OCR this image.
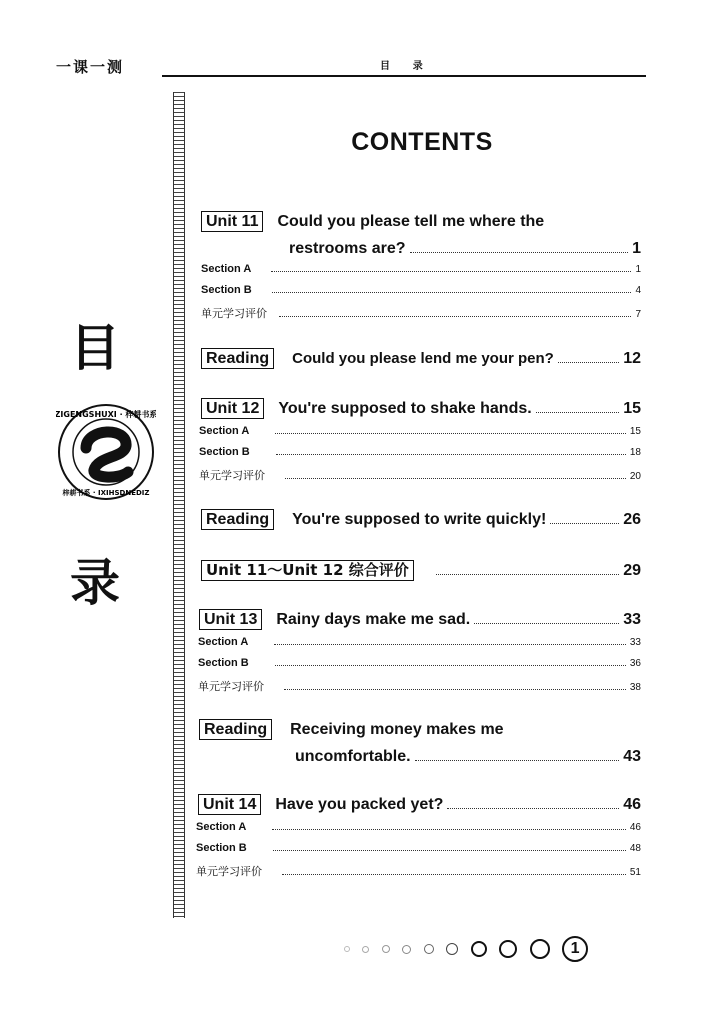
一课一测	目 录
目
ZIGENGSHUXI · 梓耕书系
梓耕书系 · IXIHSDNEDIZ
录
CONTENTS
Unit 11	Could you please tell me where the
restrooms are?	1
Section A	1
Section B	4
单元学习评价	7
Reading	Could you please lend me your pen?	12
Unit 12	You're supposed to shake hands.	15
Section A	15
Section B	18
单元学习评价	20
Reading	You're supposed to write quickly!	26
Unit 11～Unit 12 综合评价	29
Unit 13	Rainy days make me sad.	33
Section A	33
Section B	36
单元学习评价	38
Reading	Receiving money makes me
uncomfortable.	43
Unit 14	Have you packed yet?	46
Section A	46
Section B	48
单元学习评价	51
1
